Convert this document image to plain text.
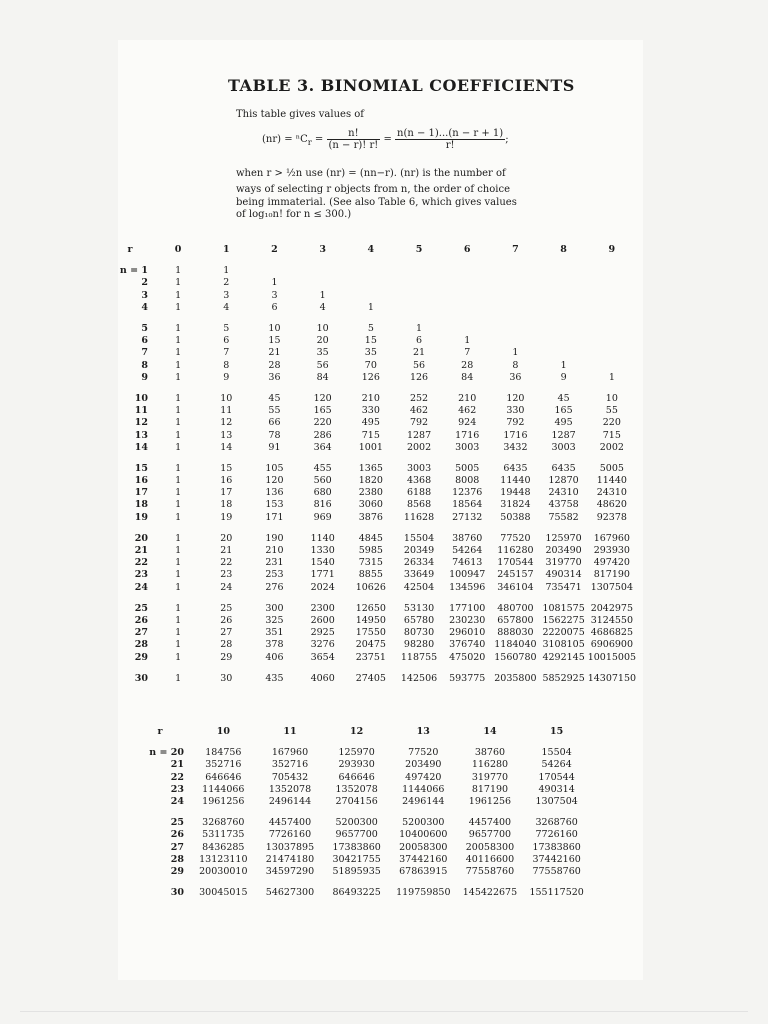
TABLE 3. BINOMIAL COEFFICIENTS
This table gives values of
$(nr) = ^nC_r = \frac{n!}{(n - r)! r!} = \frac{n(n - 1)...(n - r + 1)}{r!}$ ;
when r > ½n use (nr) = (nn−r). (nr) is the number of
ways of selecting r objects from n, the order of choice being immaterial. (See also Table 6, which gives values of log₁₀n! for n ≤ 300.)
r	0	1	2	3	4	5	6	7	8	9

n = 1	1	1								
2	1	2	1							
3	1	3	3	1						
4	1	4	6	4	1					

5	1	5	10	10	5	1				
6	1	6	15	20	15	6	1			
7	1	7	21	35	35	21	7	1		
8	1	8	28	56	70	56	28	8	1	
9	1	9	36	84	126	126	84	36	9	1

10	1	10	45	120	210	252	210	120	45	10
11	1	11	55	165	330	462	462	330	165	55
12	1	12	66	220	495	792	924	792	495	220
13	1	13	78	286	715	1287	1716	1716	1287	715
14	1	14	91	364	1001	2002	3003	3432	3003	2002

15	1	15	105	455	1365	3003	5005	6435	6435	5005
16	1	16	120	560	1820	4368	8008	11440	12870	11440
17	1	17	136	680	2380	6188	12376	19448	24310	24310
18	1	18	153	816	3060	8568	18564	31824	43758	48620
19	1	19	171	969	3876	11628	27132	50388	75582	92378

20	1	20	190	1140	4845	15504	38760	77520	125970	167960
21	1	21	210	1330	5985	20349	54264	116280	203490	293930
22	1	22	231	1540	7315	26334	74613	170544	319770	497420
23	1	23	253	1771	8855	33649	100947	245157	490314	817190
24	1	24	276	2024	10626	42504	134596	346104	735471	1307504

25	1	25	300	2300	12650	53130	177100	480700	1081575	2042975
26	1	26	325	2600	14950	65780	230230	657800	1562275	3124550
27	1	27	351	2925	17550	80730	296010	888030	2220075	4686825
28	1	28	378	3276	20475	98280	376740	1184040	3108105	6906900
29	1	29	406	3654	23751	118755	475020	1560780	4292145	10015005

30	1	30	435	4060	27405	142506	593775	2035800	5852925	14307150
r	10	11	12	13	14	15

n = 20	184756	167960	125970	77520	38760	15504
21	352716	352716	293930	203490	116280	54264
22	646646	705432	646646	497420	319770	170544
23	1144066	1352078	1352078	1144066	817190	490314
24	1961256	2496144	2704156	2496144	1961256	1307504

25	3268760	4457400	5200300	5200300	4457400	3268760
26	5311735	7726160	9657700	10400600	9657700	7726160
27	8436285	13037895	17383860	20058300	20058300	17383860
28	13123110	21474180	30421755	37442160	40116600	37442160
29	20030010	34597290	51895935	67863915	77558760	77558760

30	30045015	54627300	86493225	119759850	145422675	155117520
